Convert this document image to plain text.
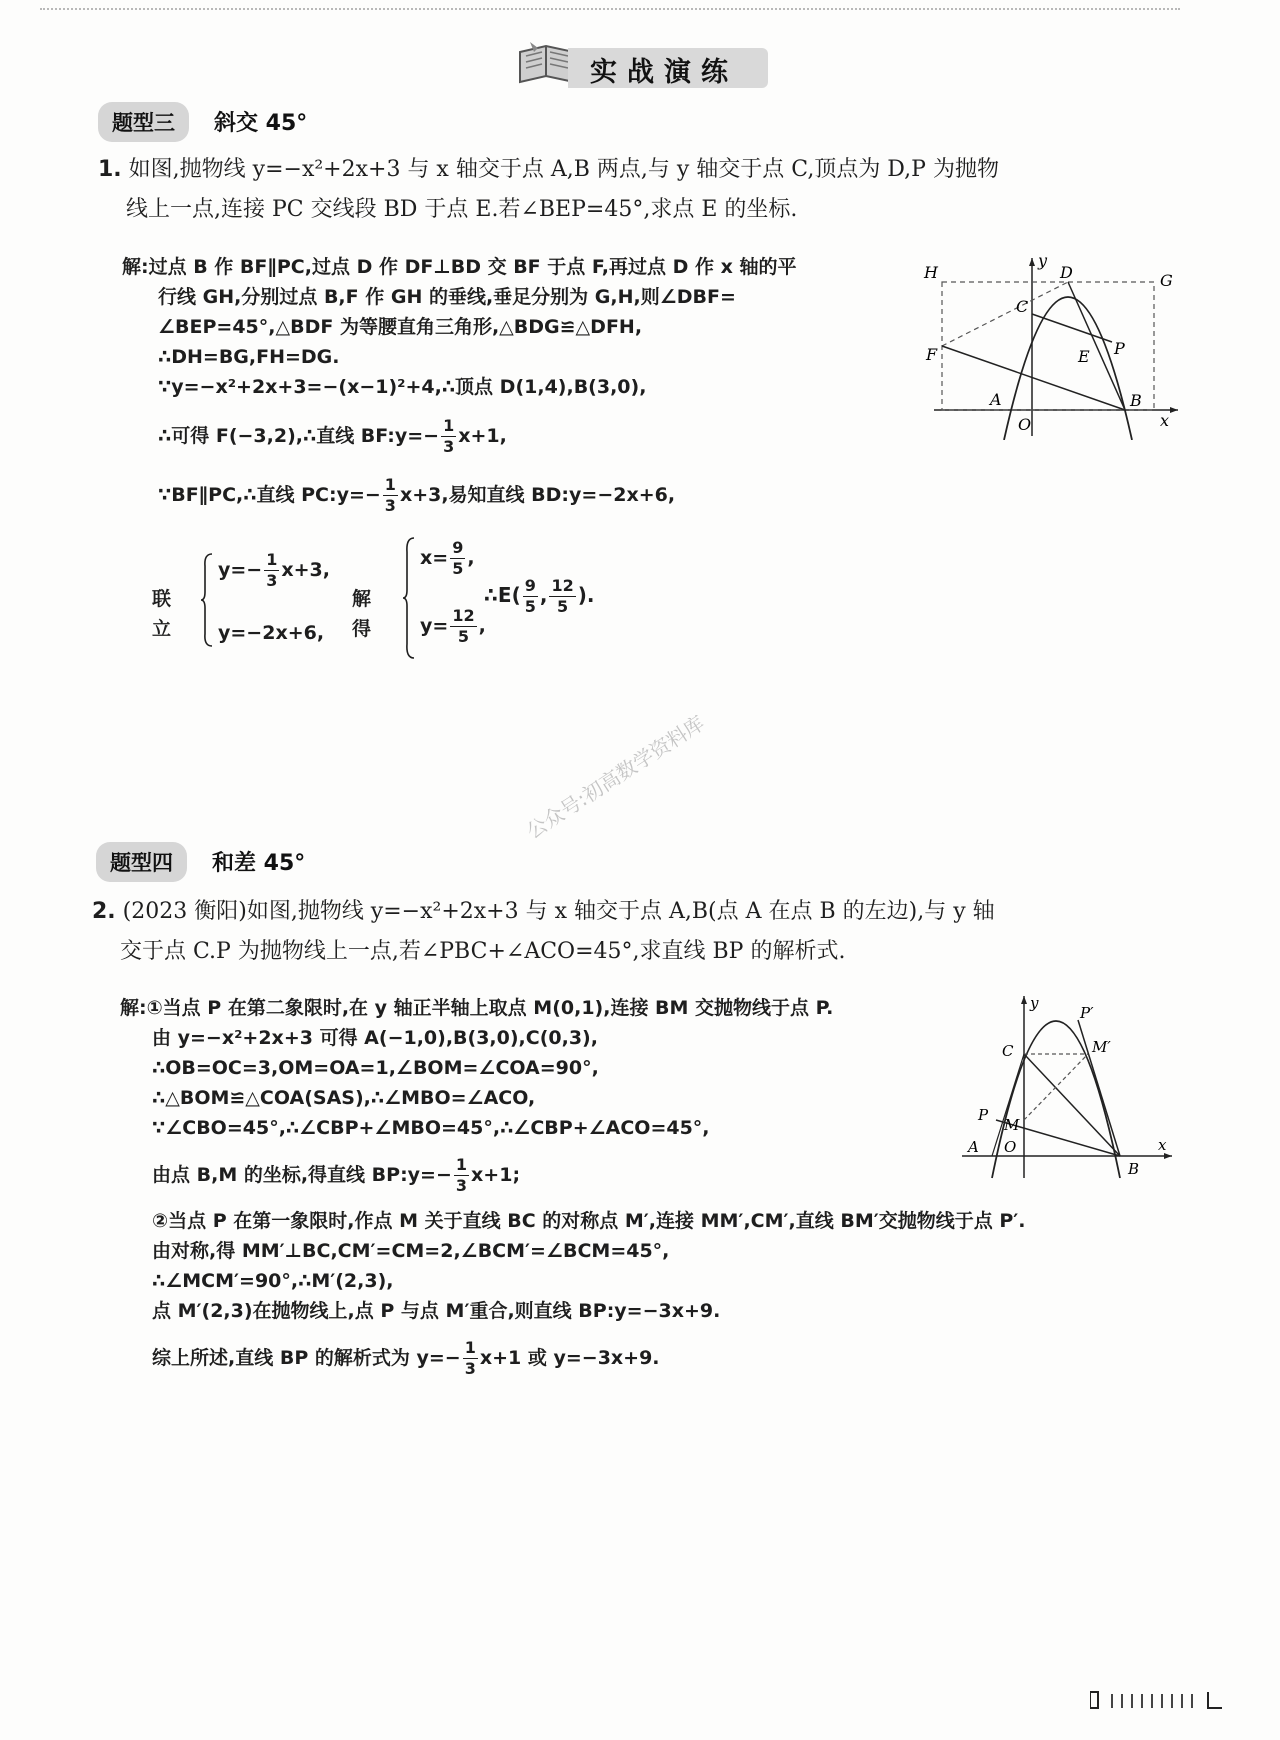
实战演练
题型三	斜交 45°
1. 如图,抛物线 y=−x²+2x+3 与 x 轴交于点 A,B 两点,与 y 轴交于点 C,顶点为 D,P 为抛物
线上一点,连接 PC 交线段 BD 于点 E.若∠BEP=45°,求点 E 的坐标.
解:过点 B 作 BF∥PC,过点 D 作 DF⊥BD 交 BF 于点 F,再过点 D 作 x 轴的平
行线 GH,分别过点 B,F 作 GH 的垂线,垂足分别为 G,H,则∠DBF=
∠BEP=45°,△BDF 为等腰直角三角形,△BDG≌△DFH,
∴DH=BG,FH=DG.
∵y=−x²+2x+3=−(x−1)²+4,∴顶点 D(1,4),B(3,0),
∴可得 F(−3,2),∴直线 BF:y=− $\frac{1}{3} x+1$,
∵BF∥PC,∴直线 PC:y=− $\frac{1}{3} x+3$,易知直线 BD:y=−2x+6,
联立
$y=- \frac{1}{3} x+3$,
y=−2x+6,
解得
$x= \frac{9}{5}$ ,
$y= \frac{12}{5}$ ,
∴E( $\frac{9}{5}$ , $\frac{12}{5}$ ).
H	D	G
C
P
E
F
A
O
B
x
y
题型四	和差 45°
公众号:初高数学资料库
2. (2023 衡阳)如图,抛物线 y=−x²+2x+3 与 x 轴交于点 A,B(点 A 在点 B 的左边),与 y 轴
交于点 C.P 为抛物线上一点,若∠PBC+∠ACO=45°,求直线 BP 的解析式.
解:①当点 P 在第二象限时,在 y 轴正半轴上取点 M(0,1),连接 BM 交抛物线于点 P.
由 y=−x²+2x+3 可得 A(−1,0),B(3,0),C(0,3),
∴OB=OC=3,OM=OA=1,∠BOM=∠COA=90°,
∴△BOM≌△COA(SAS),∴∠MBO=∠ACO,
∵∠CBO=45°,∴∠CBP+∠MBO=45°,∴∠CBP+∠ACO=45°,
由点 B,M 的坐标,得直线 BP:y=− $\frac{1}{3} x+1$;
②当点 P 在第一象限时,作点 M 关于直线 BC 的对称点 M′,连接 MM′,CM′,直线 BM′交抛物线于点 P′.
由对称,得 MM′⊥BC,CM′=CM=2,∠BCM′=∠BCM=45°,
∴∠MCM′=90°,∴M′(2,3),
点 M′(2,3)在抛物线上,点 P 与点 M′重合,则直线 BP:y=−3x+9.
综上所述,直线 BP 的解析式为 $y=- \frac{1}{3} x+1$ 或 y=−3x+9.
y
P′
C	M′
P
M
A O
B
x
